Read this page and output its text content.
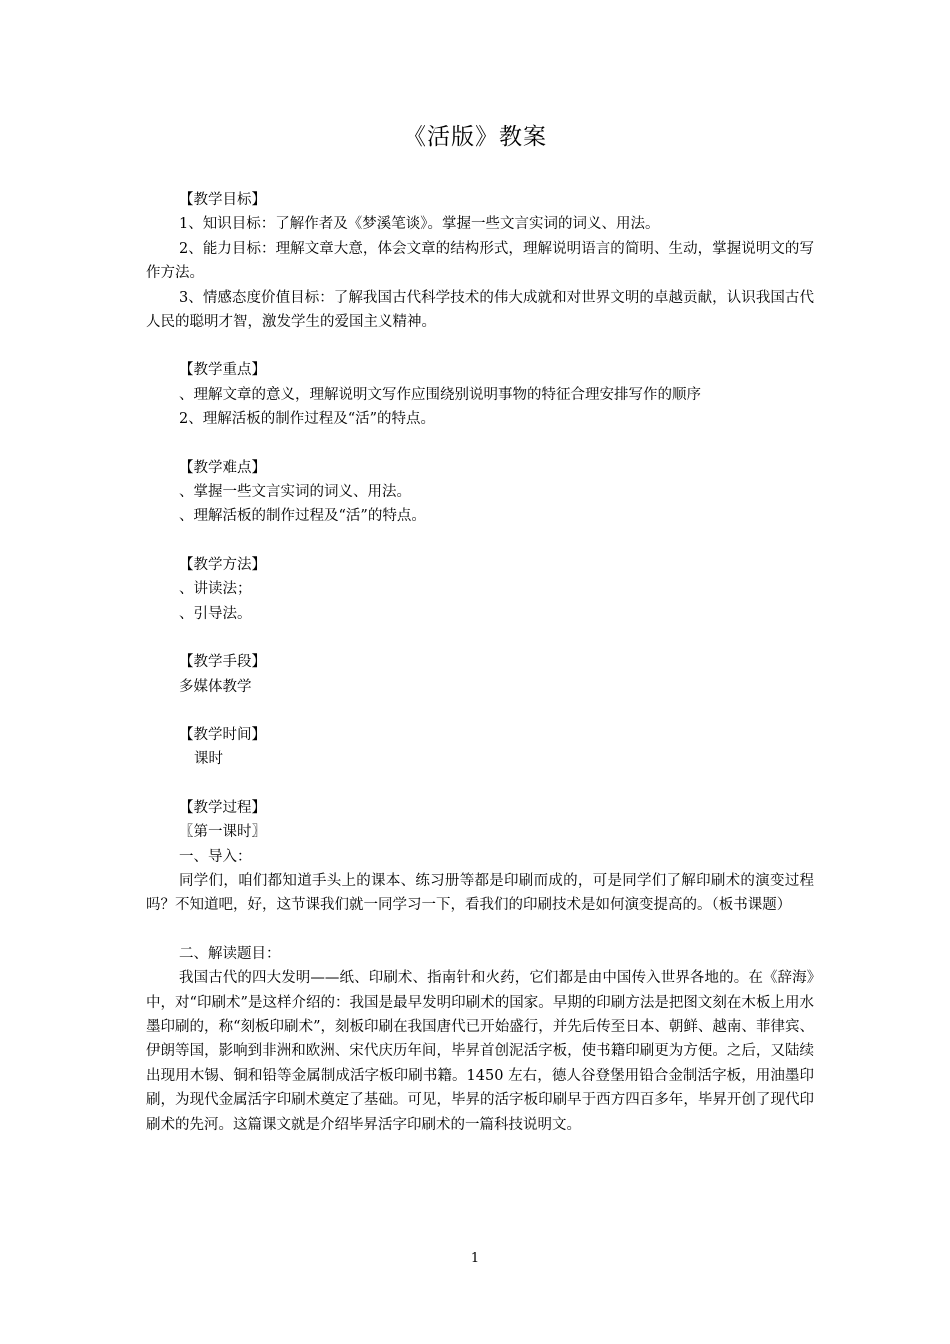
《活版》教案

【教学目标】

1、知识目标：了解作者及《梦溪笔谈》。掌握一些文言实词的词义、用法。

2、能力目标：理解文章大意，体会文章的结构形式，理解说明语言的简明、生动，掌握说明文的写作方法。

3、情感态度价值目标：了解我国古代科学技术的伟大成就和对世界文明的卓越贡献，认识我国古代人民的聪明才智，激发学生的爱国主义精神。

【教学重点】

、理解文章的意义，理解说明文写作应围绕别说明事物的特征合理安排写作的顺序

2、理解活板的制作过程及“活”的特点。

【教学难点】

、掌握一些文言实词的词义、用法。

、理解活板的制作过程及“活”的特点。

【教学方法】

、讲读法；

、引导法。

【教学手段】

多媒体教学

【教学时间】

课时

【教学过程】

〖第一课时〗

一、导入：

同学们，咱们都知道手头上的课本、练习册等都是印刷而成的，可是同学们了解印刷术的演变过程吗？不知道吧，好，这节课我们就一同学习一下，看我们的印刷技术是如何演变提高的。（板书课题）

二、解读题目：

我国古代的四大发明——纸、印刷术、指南针和火药，它们都是由中国传入世界各地的。在《辞海》中，对“印刷术”是这样介绍的：我国是最早发明印刷术的国家。早期的印刷方法是把图文刻在木板上用水墨印刷的，称“刻板印刷术”，刻板印刷在我国唐代已开始盛行，并先后传至日本、朝鲜、越南、菲律宾、伊朗等国，影响到非洲和欧洲、宋代庆历年间，毕昇首创泥活字板，使书籍印刷更为方便。之后，又陆续出现用木锡、铜和铅等金属制成活字板印刷书籍。1450 左右，德人谷登堡用铅合金制活字板，用油墨印刷，为现代金属活字印刷术奠定了基础。可见，毕昇的活字板印刷早于西方四百多年，毕昇开创了现代印刷术的先河。这篇课文就是介绍毕昇活字印刷术的一篇科技说明文。

1
